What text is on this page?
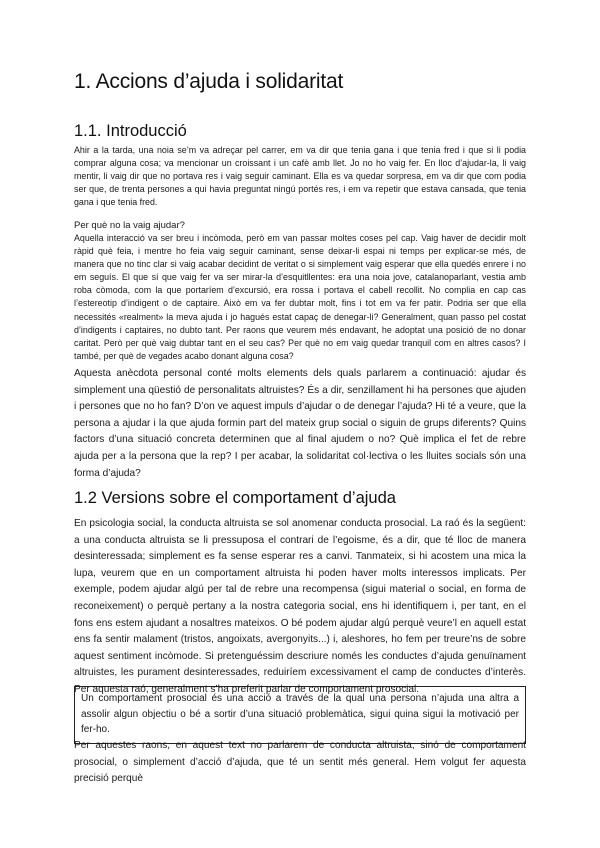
1. Accions d’ajuda i solidaritat
1.1. Introducció

Ahir a la tarda, una noia se’m va adreçar pel carrer, em va dir que tenia gana i que tenia fred i que si li podia comprar alguna cosa; va mencionar un croissant i un cafè amb llet. Jo no ho vaig fer. En lloc d’ajudar-la, li vaig mentir, li vaig dir que no portava res i vaig seguir caminant. Ella es va quedar sorpresa, em va dir que com podia ser que, de trenta persones a qui havia preguntat ningú portés res, i em va repetir que estava cansada, que tenia gana i que tenia fred.

Per què no la vaig ajudar?

Aquella interacció va ser breu i incòmoda, però em van passar moltes coses pel cap. Vaig haver de decidir molt ràpid què feia, i mentre ho feia vaig seguir caminant, sense deixar-li espai ni temps per explicar-se més, de manera que no tinc clar si vaig acabar decidint de veritat o si simplement vaig esperar que ella quedés enrere i no em seguís. El que sí que vaig fer va ser mirar-la d’esquitllentes: era una noia jove, catalanoparlant, vestia amb roba còmoda, com la que portaríem d’excursió, era rossa i portava el cabell recollit. No complia en cap cas l’estereotip d’indigent o de captaire. Això em va fer dubtar molt, fins i tot em va fer patir. Podria ser que ella necessités «realment» la meva ajuda i jo hagués estat capaç de denegar-li? Generalment, quan passo pel costat d’indigents i captaires, no dubto tant. Per raons que veurem més endavant, he adoptat una posició de no donar caritat. Però per què vaig dubtar tant en el seu cas? Per què no em vaig quedar tranquil com en altres casos? I també, per què de vegades acabo donant alguna cosa?

Aquesta anècdota personal conté molts elements dels quals parlarem a continuació: ajudar és simplement una qüestió de personalitats altruistes? És a dir, senzillament hi ha persones que ajuden i persones que no ho fan? D’on ve aquest impuls d’ajudar o de denegar l’ajuda? Hi té a veure, que la persona a ajudar i la que ajuda formin part del mateix grup social o siguin de grups diferents? Quins factors d’una situació concreta determinen que al final ajudem o no? Què implica el fet de rebre ajuda per a la persona que la rep? I per acabar, la solidaritat col·lectiva o les lluites socials són una forma d’ajuda?

1.2 Versions sobre el comportament d’ajuda

En psicologia social, la conducta altruista se sol anomenar conducta prosocial. La raó és la següent: a una conducta altruista se li pressuposa el contrari de l’egoisme, és a dir, que té lloc de manera desinteressada; simplement es fa sense esperar res a canvi. Tanmateix, si hi acostem una mica la lupa, veurem que en un comportament altruista hi poden haver molts interessos implicats. Per exemple, podem ajudar algú per tal de rebre una recompensa (sigui material o social, en forma de reconeixement) o perquè pertany a la nostra categoria social, ens hi identifiquem i, per tant, en el fons ens estem ajudant a nosaltres mateixos. O bé podem ajudar algú perquè veure’l en aquell estat ens fa sentir malament (tristos, angoixats, avergonyits...) i, aleshores, ho fem per treure’ns de sobre aquest sentiment incòmode. Si pretenguéssim descriure només les conductes d’ajuda genuïnament altruistes, les purament desinteressades, reduiríem excessivament el camp de conductes d’interès. Per aquesta raó, generalment s’ha preferit parlar de comportament prosocial.

Un comportament prosocial és una acció a través de la qual una persona n’ajuda una altra a assolir algun objectiu o bé a sortir d’una situació problemàtica, sigui quina sigui la motivació per fer-ho.

Per aquestes raons, en aquest text no parlarem de conducta altruista, sinó de comportament prosocial, o simplement d’acció d’ajuda, que té un sentit més general. Hem volgut fer aquesta precisió perquè
